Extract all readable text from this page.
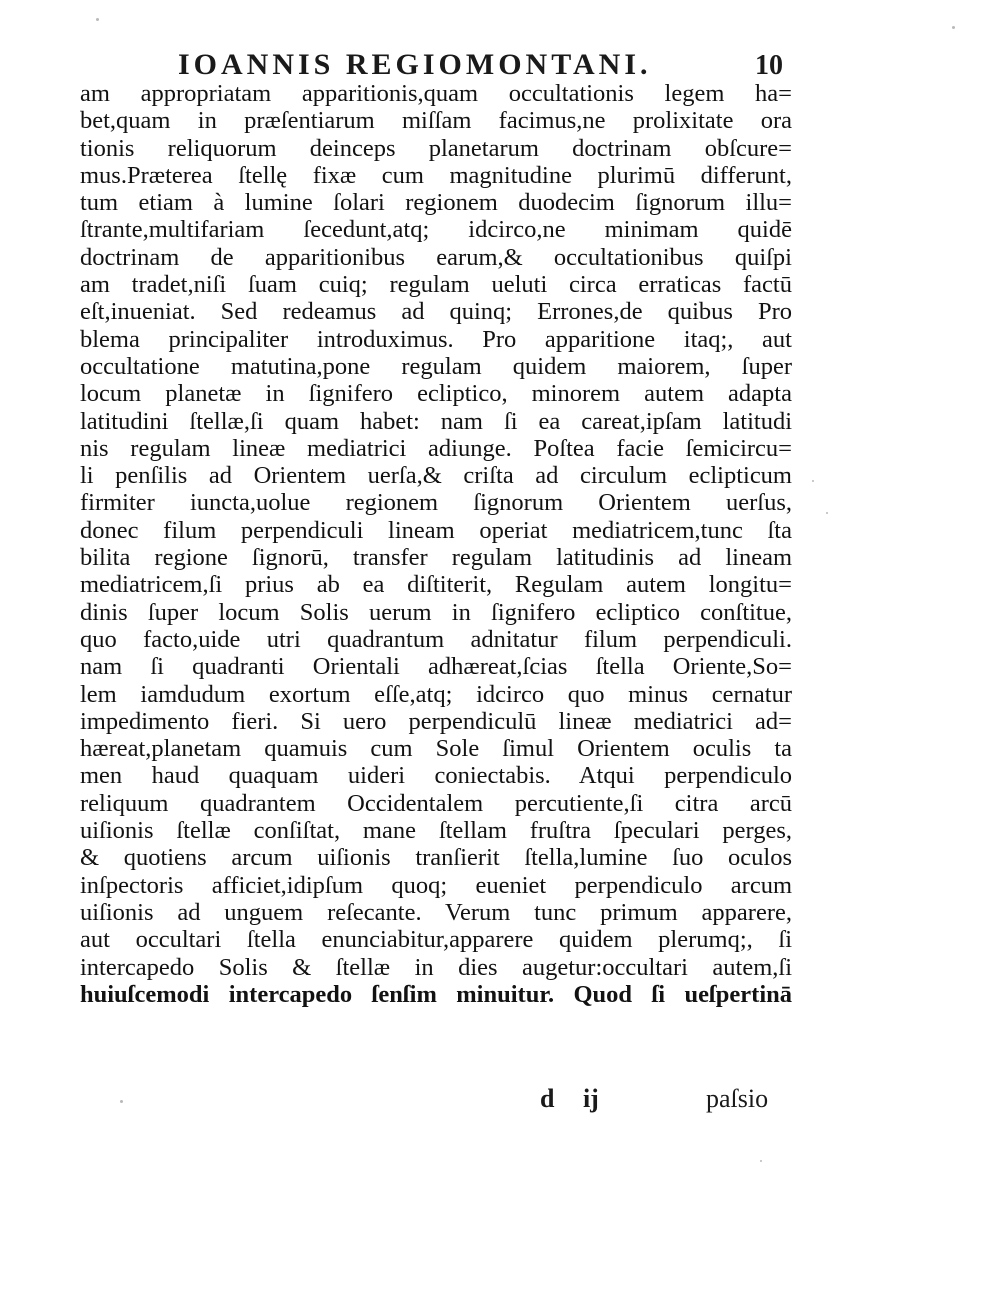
IOANNIS REGIOMONTANI.	10
am appropriatam apparitionis,quam occultationis legem ha=
bet,quam in præſentiarum miſſam facimus,ne prolixitate ora
tionis reliquorum deinceps planetarum doctrinam obſcure=
mus.Præterea ſtellę fixæ cum magnitudine plurimū differunt,
tum etiam à lumine ſolari regionem duodecim ſignorum illu=
ſtrante,multifariam ſecedunt,atq; idcirco,ne minimam quidē
doctrinam de apparitionibus earum,& occultationibus quiſpi
am tradet,niſi ſuam cuiq; regulam ueluti circa erraticas factū
eſt,inueniat. Sed redeamus ad quinq; Errones,de quibus Pro
blema principaliter introduximus. Pro apparitione itaq;, aut
occultatione matutina,pone regulam quidem maiorem, ſuper
locum planetæ in ſignifero ecliptico, minorem autem adapta
latitudini ſtellæ,ſi quam habet: nam ſi ea careat,ipſam latitudi
nis regulam lineæ mediatrici adiunge. Poſtea facie ſemicircu=
li penſilis ad Orientem uerſa,& criſta ad circulum eclipticum
firmiter iuncta,uolue regionem ſignorum Orientem uerſus,
donec filum perpendiculi lineam operiat mediatricem,tunc ſta
bilita regione ſignorū, transfer regulam latitudinis ad lineam
mediatricem,ſi prius ab ea diſtiterit, Regulam autem longitu=
dinis ſuper locum Solis uerum in ſignifero ecliptico conſtitue,
quo facto,uide utri quadrantum adnitatur filum perpendiculi.
nam ſi quadranti Orientali adhæreat,ſcias ſtella Oriente,So=
lem iamdudum exortum eſſe,atq; idcirco quo minus cernatur
impedimento fieri. Si uero perpendiculū lineæ mediatrici ad=
hæreat,planetam quamuis cum Sole ſimul Orientem oculis ta
men haud quaquam uideri coniectabis. Atqui perpendiculo
reliquum quadrantem Occidentalem percutiente,ſi citra arcū
uiſionis ſtellæ conſiſtat, mane ſtellam fruſtra ſpeculari perges,
& quotiens arcum uiſionis tranſierit ſtella,lumine ſuo oculos
inſpectoris afficiet,idipſum quoq; eueniet perpendiculo arcum
uiſionis ad unguem reſecante. Verum tunc primum apparere,
aut occultari ſtella enunciabitur,apparere quidem plerumq;, ſi
intercapedo Solis & ſtellæ in dies augetur:occultari autem,ſi
huiuſcemodi intercapedo ſenſim minuitur. Quod ſi ueſpertinā
d ij	paſsio
